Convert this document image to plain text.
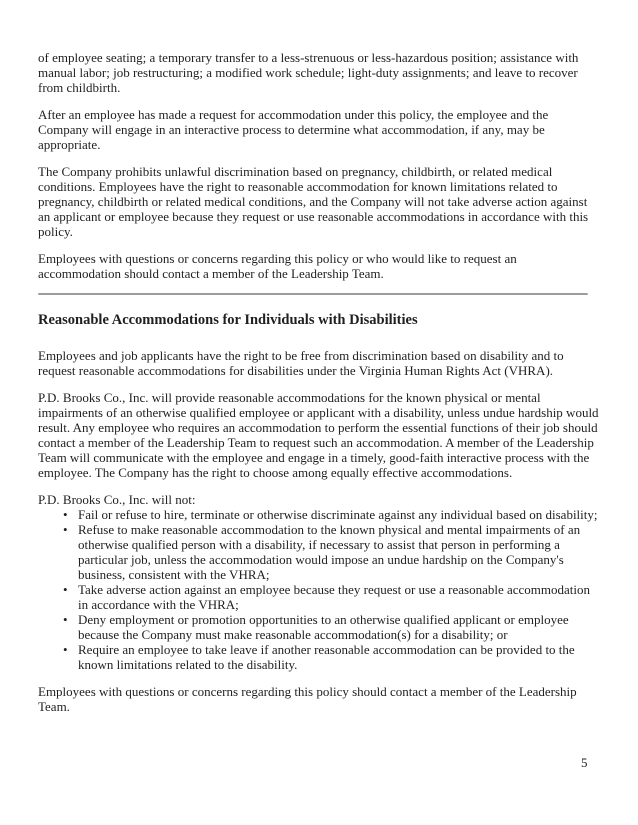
of employee seating; a temporary transfer to a less-strenuous or less-hazardous position; assistance with manual labor; job restructuring; a modified work schedule; light-duty assignments; and leave to recover from childbirth.

After an employee has made a request for accommodation under this policy, the employee and the Company will engage in an interactive process to determine what accommodation, if any, may be appropriate.

The Company prohibits unlawful discrimination based on pregnancy, childbirth, or related medical conditions. Employees have the right to reasonable accommodation for known limitations related to pregnancy, childbirth or related medical conditions, and the Company will not take adverse action against an applicant or employee because they request or use reasonable accommodations in accordance with this policy.

Employees with questions or concerns regarding this policy or who would like to request an accommodation should contact a member of the Leadership Team.

Reasonable Accommodations for Individuals with Disabilities

Employees and job applicants have the right to be free from discrimination based on disability and to request reasonable accommodations for disabilities under the Virginia Human Rights Act (VHRA).

P.D. Brooks Co., Inc. will provide reasonable accommodations for the known physical or mental impairments of an otherwise qualified employee or applicant with a disability, unless undue hardship would result. Any employee who requires an accommodation to perform the essential functions of their job should contact a member of the Leadership Team to request such an accommodation. A member of the Leadership Team will communicate with the employee and engage in a timely, good-faith interactive process with the employee. The Company has the right to choose among equally effective accommodations.

P.D. Brooks Co., Inc. will not:

• Fail or refuse to hire, terminate or otherwise discriminate against any individual based on disability;
• Refuse to make reasonable accommodation to the known physical and mental impairments of an otherwise qualified person with a disability, if necessary to assist that person in performing a particular job, unless the accommodation would impose an undue hardship on the Company's business, consistent with the VHRA;
• Take adverse action against an employee because they request or use a reasonable accommodation in accordance with the VHRA;
• Deny employment or promotion opportunities to an otherwise qualified applicant or employee because the Company must make reasonable accommodation(s) for a disability; or
• Require an employee to take leave if another reasonable accommodation can be provided to the known limitations related to the disability.

Employees with questions or concerns regarding this policy should contact a member of the Leadership Team.

5
